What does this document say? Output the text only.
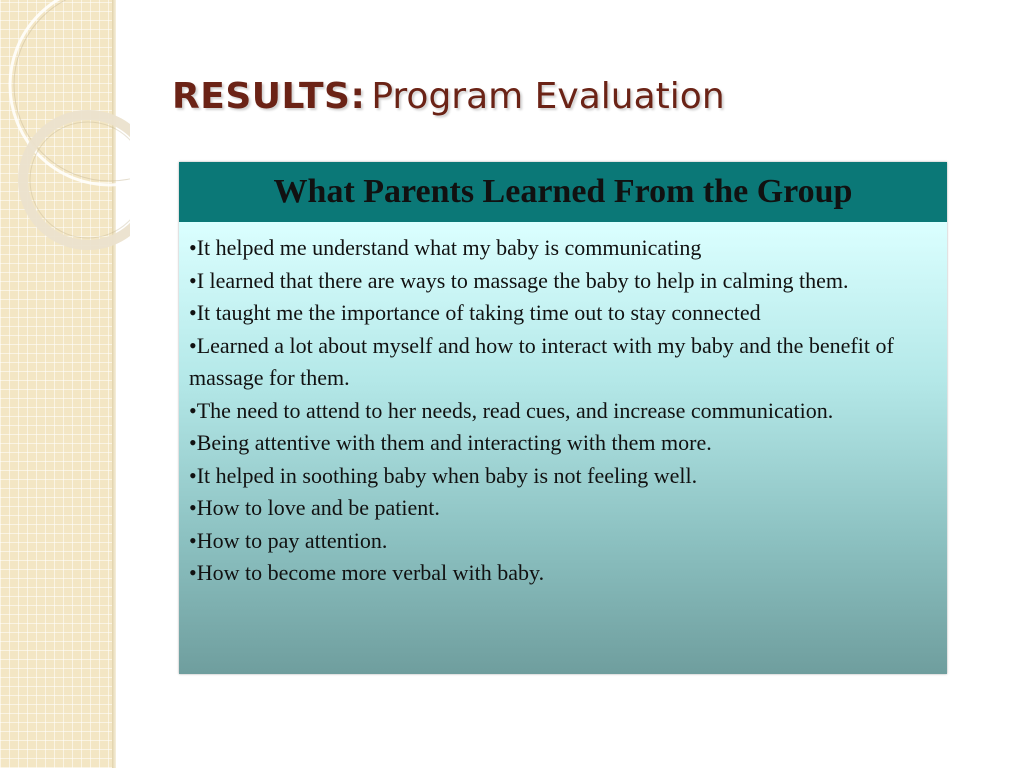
RESULTS: Program Evaluation
What Parents Learned From the Group

•It helped me understand what my baby is communicating

•I learned that there are ways to massage the baby to help in calming them.

•It taught me the importance of taking time out to stay connected

•Learned a lot about myself and how to interact with my baby and the benefit of massage for them.

•The need to attend to her needs, read cues, and increase communication.

•Being attentive with them and interacting with them more.

•It helped in soothing baby when baby is not feeling well.

•How to love and be patient.

•How to pay attention.

•How to become more verbal with baby.
